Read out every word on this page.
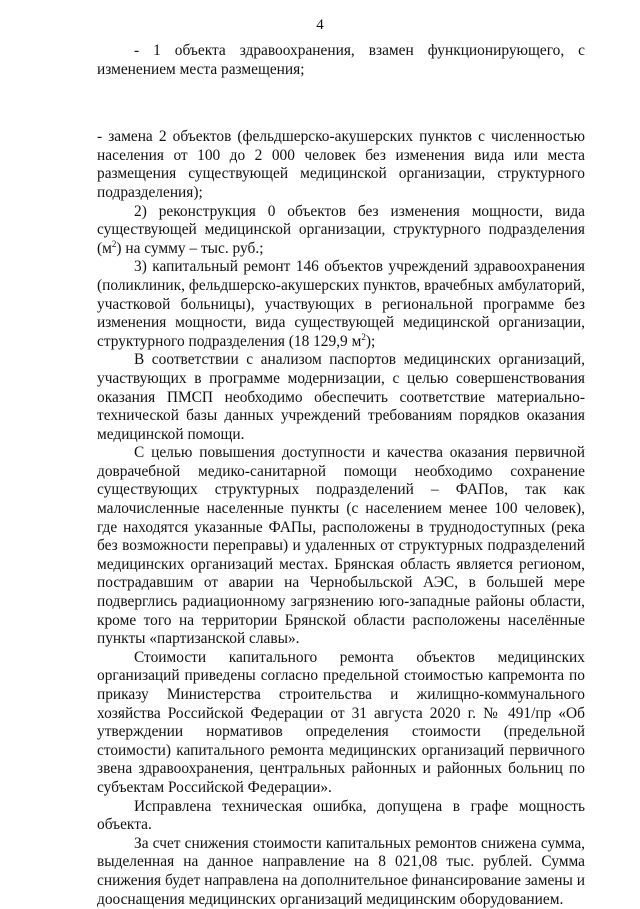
4

- 1 объекта здравоохранения, взамен функционирующего, с изменением места размещения;

- замена 2 объектов (фельдшерско-акушерских пунктов с численностью населения от 100 до 2 000 человек без изменения вида или места размещения существующей медицинской организации, структурного подразделения);

2) реконструкция 0 объектов без изменения мощности, вида существующей медицинской организации, структурного подразделения $(м^2)$ на сумму – тыс. руб.;

3) капитальный ремонт 146 объектов учреждений здравоохранения (поликлиник, фельдшерско-акушерских пунктов, врачебных амбулаторий, участковой больницы), участвующих в региональной программе без изменения мощности, вида существующей медицинской организации, структурного подразделения (18 129,9 $м^2$);

В соответствии с анализом паспортов медицинских организаций, участвующих в программе модернизации, с целью совершенствования оказания ПМСП необходимо обеспечить соответствие материально-технической базы данных учреждений требованиям порядков оказания медицинской помощи.

С целью повышения доступности и качества оказания первичной доврачебной медико-санитарной помощи необходимо сохранение существующих структурных подразделений – ФАПов, так как малочисленные населенные пункты (с населением менее 100 человек), где находятся указанные ФАПы, расположены в труднодоступных (река без возможности переправы) и удаленных от структурных подразделений медицинских организаций местах. Брянская область является регионом, пострадавшим от аварии на Чернобыльской АЭС, в большей мере подверглись радиационному загрязнению юго-западные районы области, кроме того на территории Брянской области расположены населённые пункты «партизанской славы».

Стоимости капитального ремонта объектов медицинских организаций приведены согласно предельной стоимостью капремонта по приказу Министерства строительства и жилищно-коммунального хозяйства Российской Федерации от 31 августа 2020 г. № 491/пр «Об утверждении нормативов определения стоимости (предельной стоимости) капитального ремонта медицинских организаций первичного звена здравоохранения, центральных районных и районных больниц по субъектам Российской Федерации».

Исправлена техническая ошибка, допущена в графе мощность объекта.

За счет снижения стоимости капитальных ремонтов снижена сумма, выделенная на данное направление на 8 021,08 тыс. рублей. Сумма снижения будет направлена на дополнительное финансирование замены и дооснащения медицинских организаций медицинским оборудованием.
